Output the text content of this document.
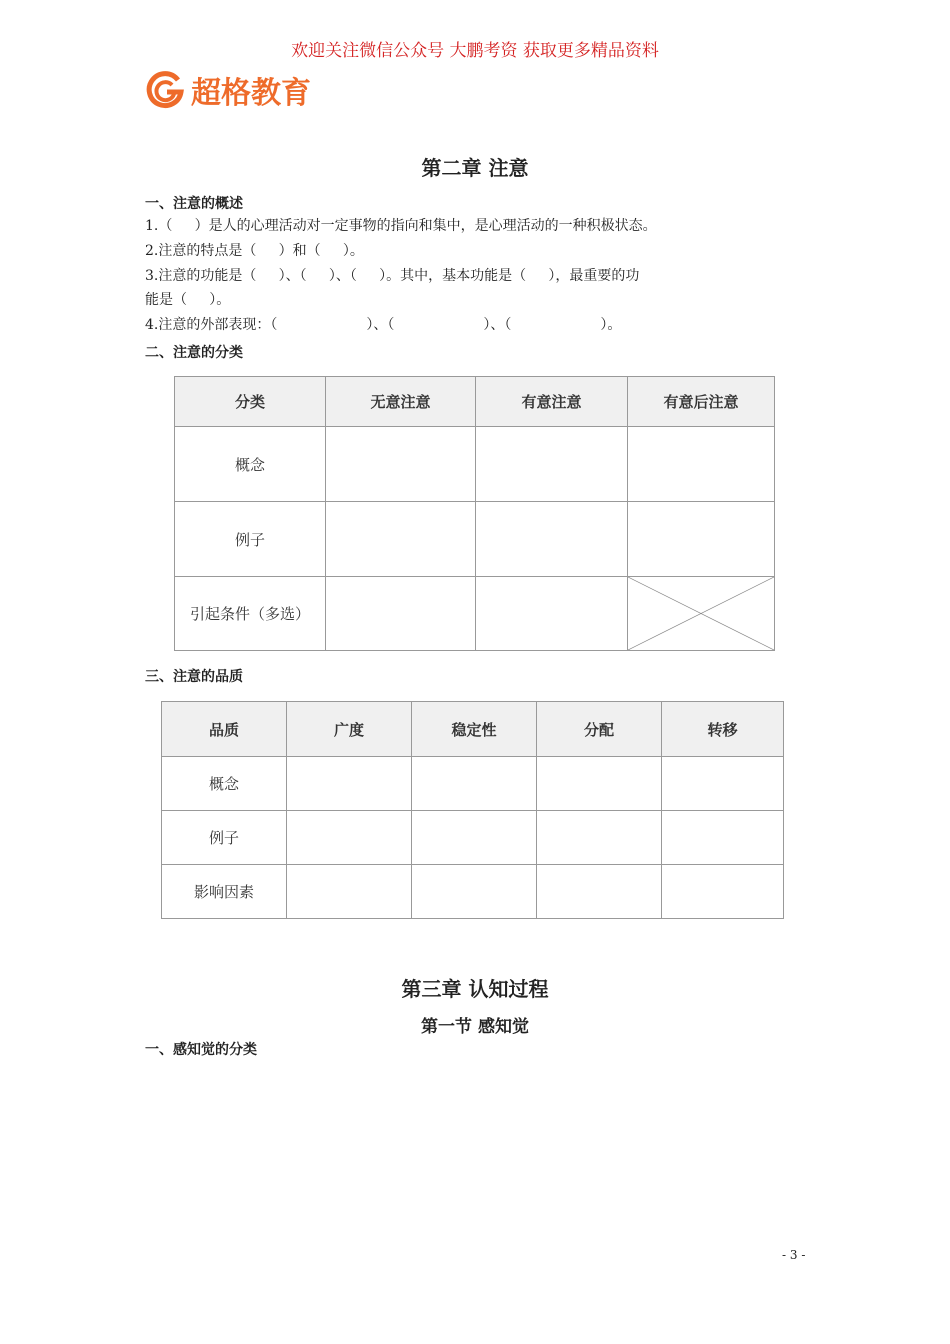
欢迎关注微信公众号 大鹏考资 获取更多精品资料
超格教育
第二章 注意
一、注意的概述
1.（     ）是人的心理活动对一定事物的指向和集中，是心理活动的一种积极状态。
2.注意的特点是（     ）和（     ）。
3.注意的功能是（     ）、（     ）、（     ）。其中，基本功能是（     ），最重要的功
能是（     ）。
4.注意的外部表现：（                    ）、（                    ）、（                    ）。
二、注意的分类
分类	无意注意	有意注意	有意后注意
概念			
例子			
引起条件（多选）			
三、注意的品质
品质	广度	稳定性	分配	转移
概念				
例子				
影响因素				
第三章 认知过程
第一节 感知觉
一、感知觉的分类
- 3 -
